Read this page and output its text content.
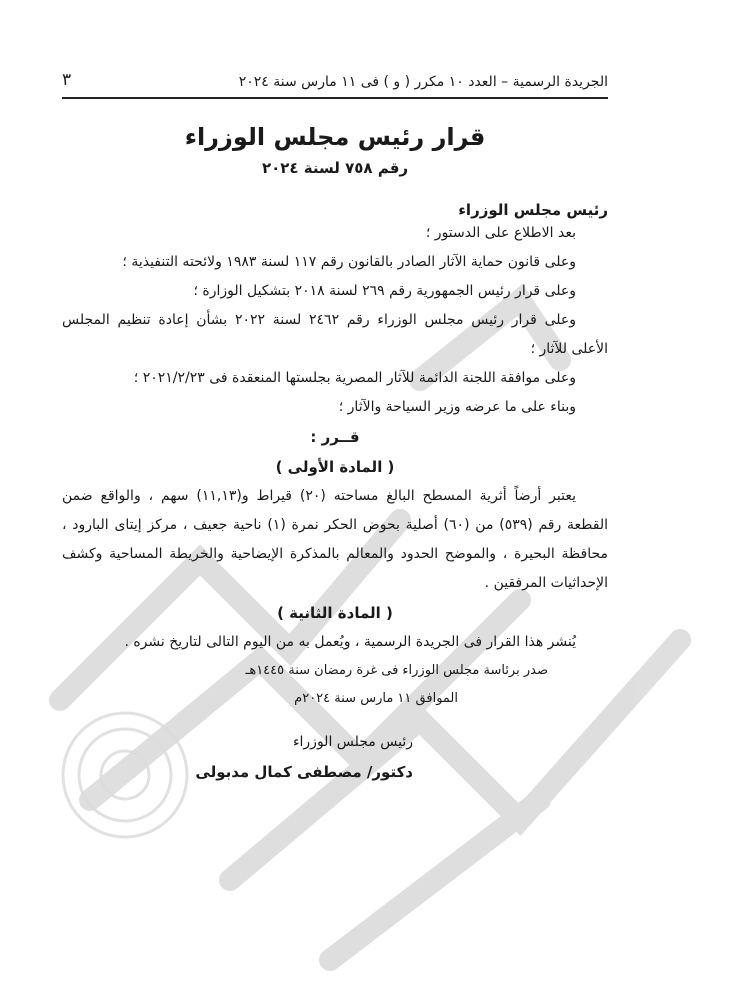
الجريدة الرسمية – العدد ١٠ مكرر ( و ) فى ١١ مارس سنة ٢٠٢٤
٣
قرار رئيس مجلس الوزراء
رقم ٧٥٨ لسنة ٢٠٢٤
رئيس مجلس الوزراء

بعد الاطلاع على الدستور ؛

وعلى قانون حماية الآثار الصادر بالقانون رقم ١١٧ لسنة ١٩٨٣ ولائحته التنفيذية ؛

وعلى قرار رئيس الجمهورية رقم ٢٦٩ لسنة ٢٠١٨ بتشكيل الوزارة ؛

وعلى قرار رئيس مجلس الوزراء رقم ٢٤٦٢ لسنة ٢٠٢٢ بشأن إعادة تنظيم المجلس الأعلى للآثار ؛

وعلى موافقة اللجنة الدائمة للآثار المصرية بجلستها المنعقدة فى ٢٠٢١/٢/٢٣ ؛

وبناء على ما عرضه وزير السياحة والآثار ؛

قــرر :
( المادة الأولى )

يعتبر أرضاً أثرية المسطح البالغ مساحته (٢٠) قيراط و(١١,١٣) سهم ، والواقع ضمن القطعة رقم (٥٣٩) من (٦٠) أصلية بحوض الحكر نمرة (١) ناحية جعيف ، مركز إيتاى البارود ، محافظة البحيرة ، والموضح الحدود والمعالم بالمذكرة الإيضاحية والخريطة المساحية وكشف الإحداثيات المرفقين .

( المادة الثانية )

يُنشر هذا القرار فى الجريدة الرسمية ، ويُعمل به من اليوم التالى لتاريخ نشره .

صدر برئاسة مجلس الوزراء فى غرة رمضان سنة ١٤٤٥هـ
الموافق ١١ مارس سنة ٢٠٢٤م
رئيس مجلس الوزراء
دكتور/ مصطفى كمال مدبولى
